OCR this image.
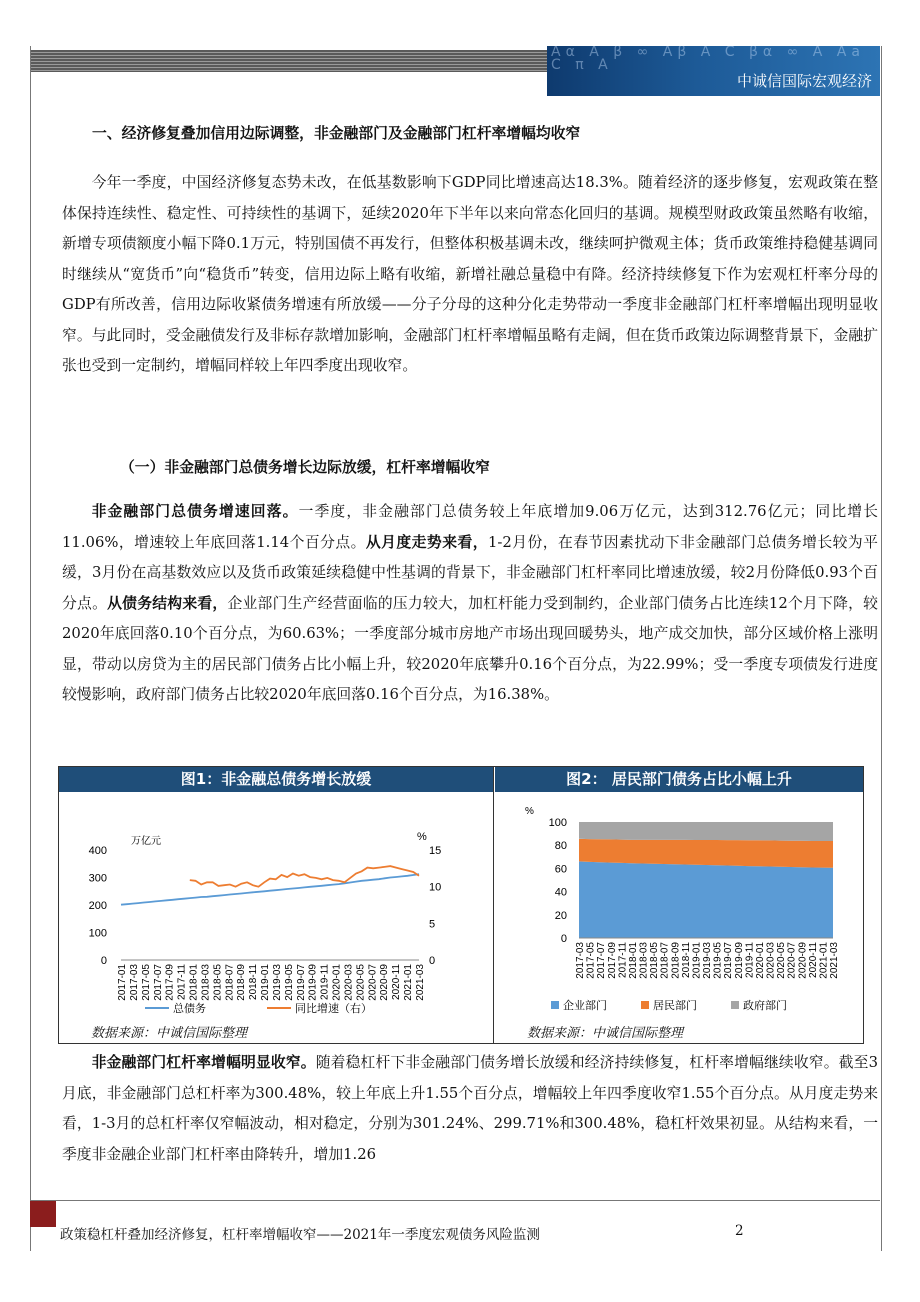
Aα A β ∞ Aβ A C βα ∞ A Aa C π A
中诚信国际宏观经济
一、经济修复叠加信用边际调整，非金融部门及金融部门杠杆率增幅均收窄

今年一季度，中国经济修复态势未改，在低基数影响下GDP同比增速高达18.3%。随着经济的逐步修复，宏观政策在整体保持连续性、稳定性、可持续性的基调下，延续2020年下半年以来向常态化回归的基调。规模型财政政策虽然略有收缩，新增专项债额度小幅下降0.1万元，特别国债不再发行，但整体积极基调未改，继续呵护微观主体；货币政策维持稳健基调同时继续从“宽货币”向“稳货币”转变，信用边际上略有收缩，新增社融总量稳中有降。经济持续修复下作为宏观杠杆率分母的GDP有所改善，信用边际收紧债务增速有所放缓——分子分母的这种分化走势带动一季度非金融部门杠杆率增幅出现明显收窄。与此同时，受金融债发行及非标存款增加影响，金融部门杠杆率增幅虽略有走阔，但在货币政策边际调整背景下，金融扩张也受到一定制约，增幅同样较上年四季度出现收窄。

（一）非金融部门总债务增长边际放缓，杠杆率增幅收窄

非金融部门总债务增速回落。一季度，非金融部门总债务较上年底增加9.06万亿元，达到312.76亿元；同比增长11.06%，增速较上年底回落1.14个百分点。从月度走势来看，1-2月份，在春节因素扰动下非金融部门总债务增长较为平缓，3月份在高基数效应以及货币政策延续稳健中性基调的背景下，非金融部门杠杆率同比增速放缓，较2月份降低0.93个百分点。从债务结构来看，企业部门生产经营面临的压力较大，加杠杆能力受到制约，企业部门债务占比连续12个月下降，较2020年底回落0.10个百分点，为60.63%；一季度部分城市房地产市场出现回暖势头，地产成交加快，部分区域价格上涨明显，带动以房贷为主的居民部门债务占比小幅上升，较2020年底攀升0.16个百分点，为22.99%；受一季度专项债发行进度较慢影响，政府部门债务占比较2020年底回落0.16个百分点，为16.38%。

图1：非金融总债务增长放缓
0
100
200
300
400
0
5
10
15
万亿元	%
2017-01 2017-03 2017-05 2017-07 2017-09 2017-11 2018-01 2018-03 2018-05 2018-07 2018-09 2018-11 2019-01 2019-03 2019-05 2019-07 2019-09 2019-11 2020-01 2020-03 2020-05 2020-07 2020-09 2020-11 2021-01 2021-03
总债务	同比增速（右）
数据来源：中诚信国际整理
图2： 居民部门债务占比小幅上升
0
20
40
60
80
100
%
2017-03 2017-05 2017-07 2017-09 2017-11 2018-01 2018-03 2018-05 2018-07 2018-09 2018-11 2019-01 2019-03 2019-05 2019-07 2019-09 2019-11 2020-01 2020-03 2020-05 2020-07 2020-09 2020-11 2021-01 2021-03
企业部门	居民部门	政府部门
数据来源：中诚信国际整理

非金融部门杠杆率增幅明显收窄。随着稳杠杆下非金融部门债务增长放缓和经济持续修复，杠杆率增幅继续收窄。截至3月底，非金融部门总杠杆率为300.48%，较上年底上升1.55个百分点，增幅较上年四季度收窄1.55个百分点。从月度走势来看，1-3月的总杠杆率仅窄幅波动，相对稳定，分别为301.24%、299.71%和300.48%，稳杠杆效果初显。从结构来看，一季度非金融企业部门杠杆率由降转升，增加1.26

政策稳杠杆叠加经济修复，杠杆率增幅收窄——2021年一季度宏观债务风险监测	2
